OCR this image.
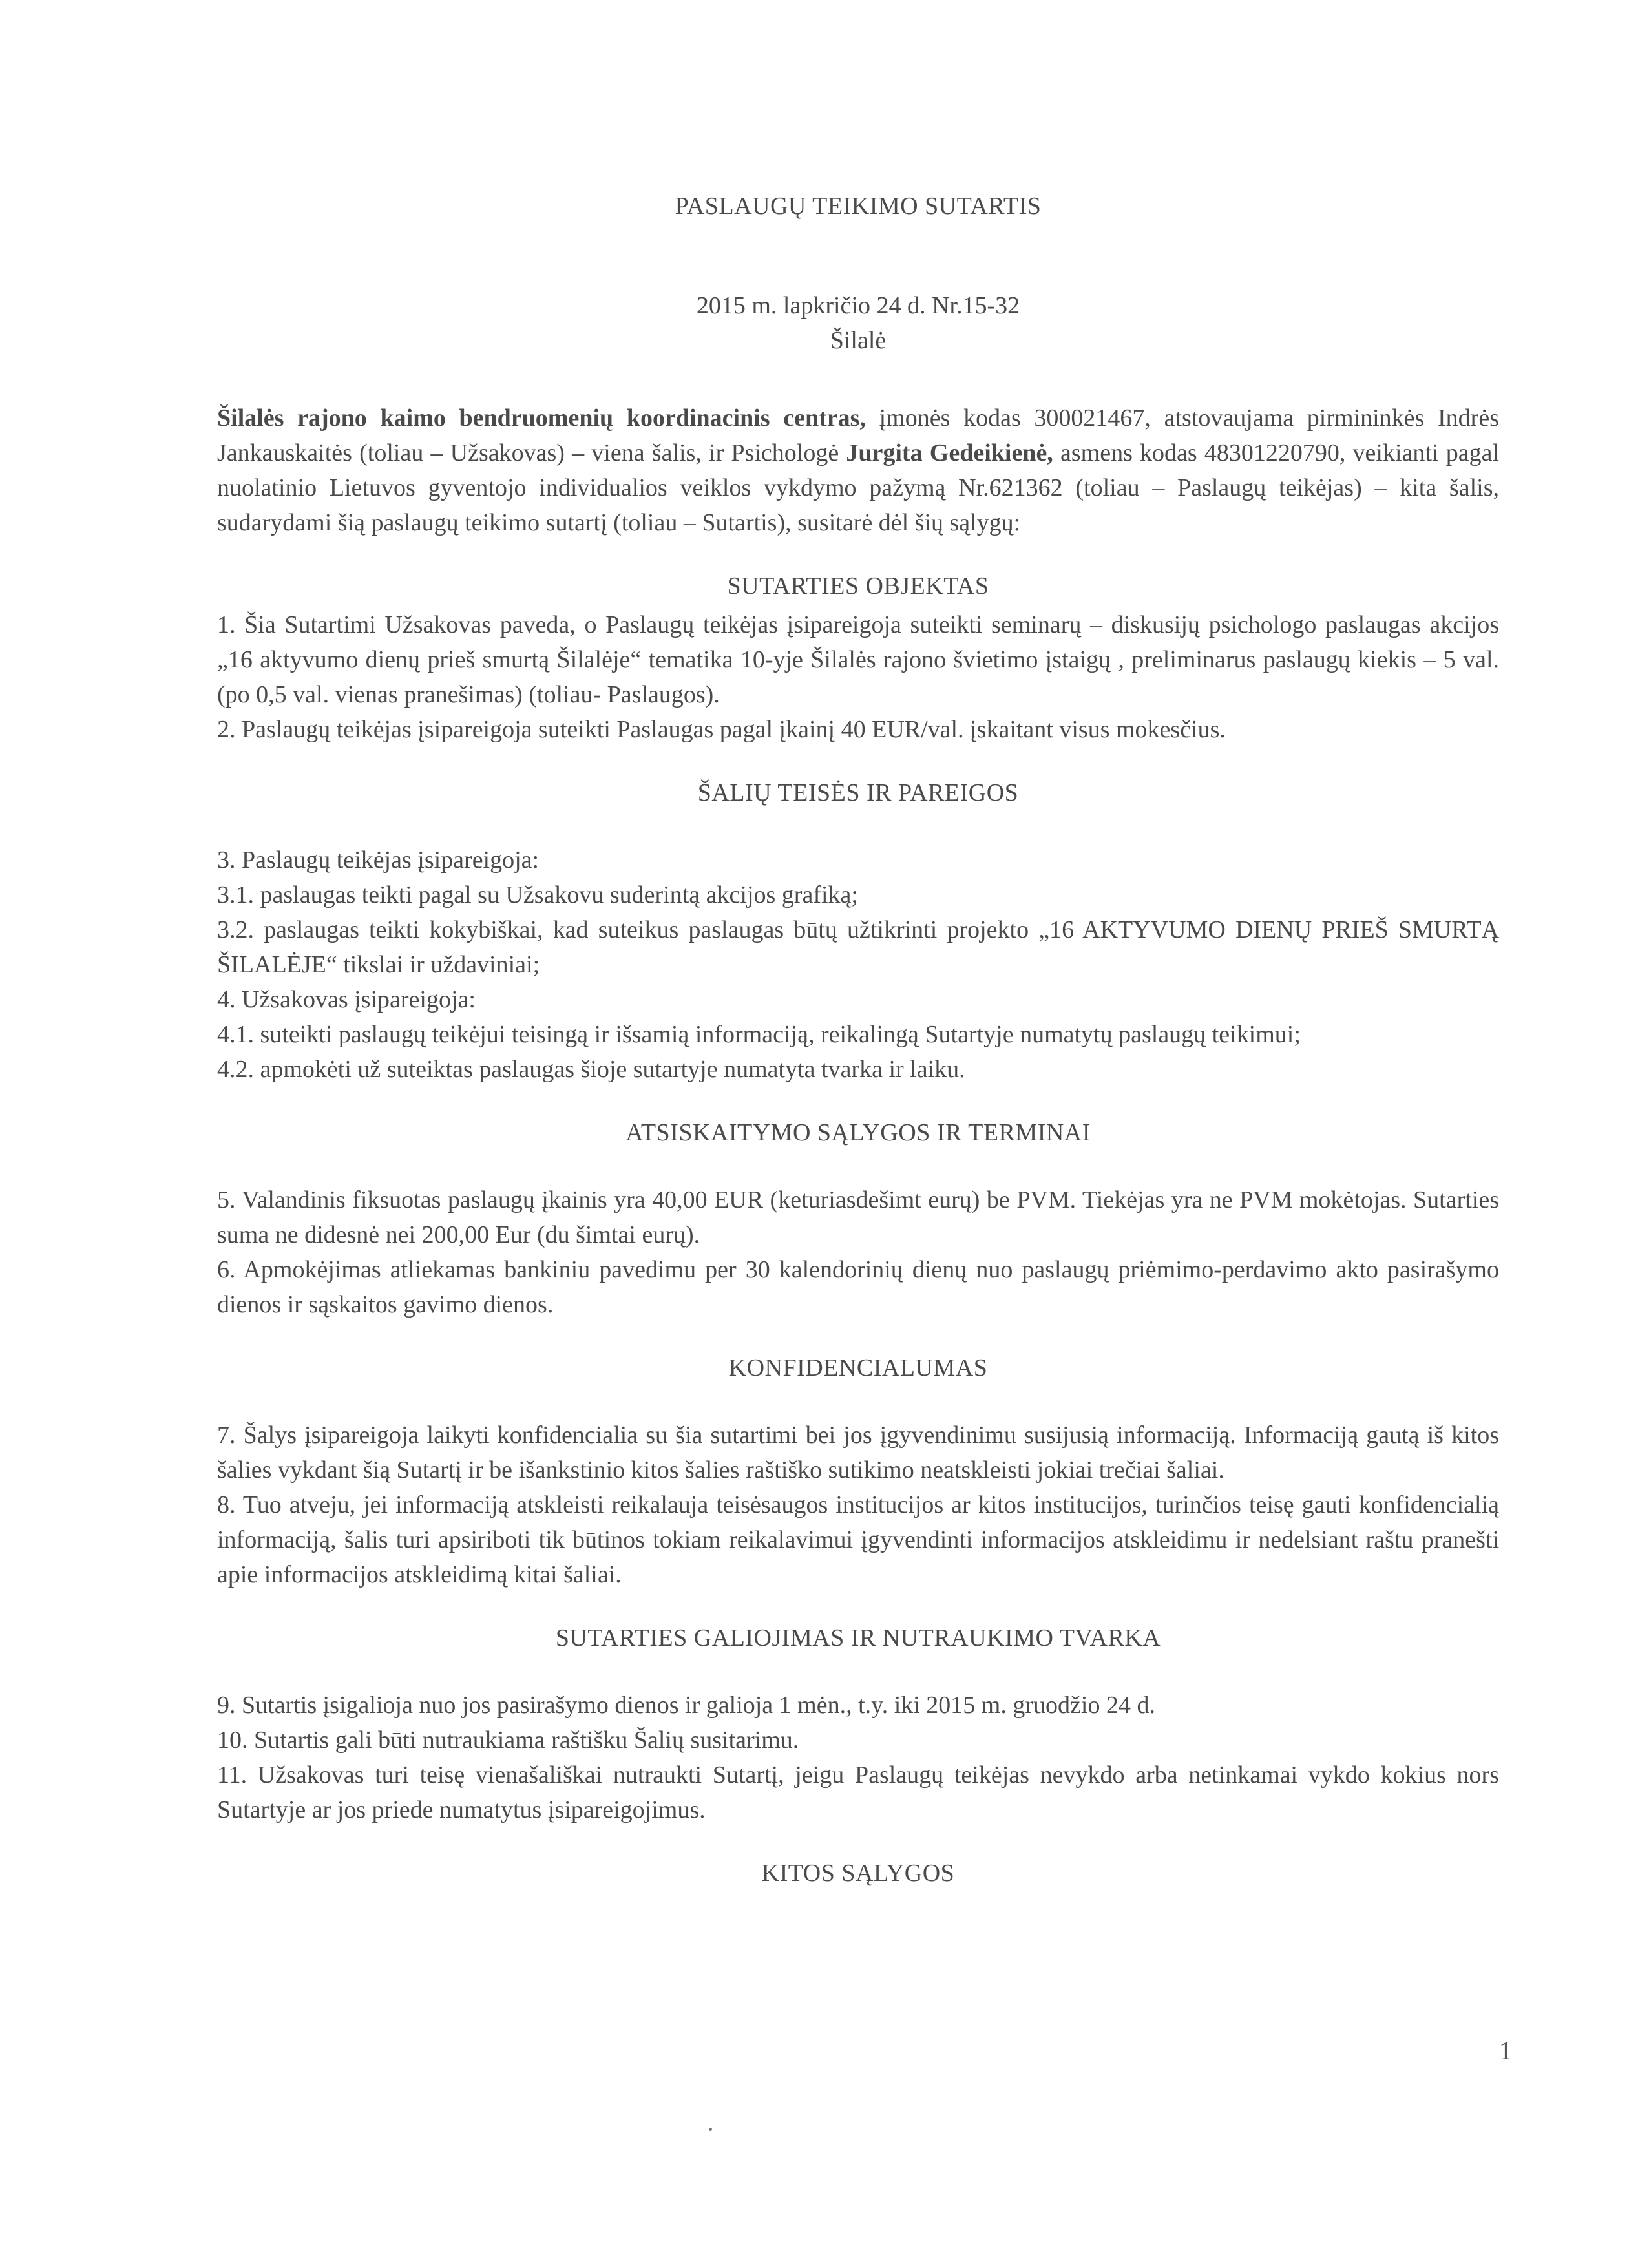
PASLAUGŲ TEIKIMO SUTARTIS
2015 m. lapkričio 24 d. Nr.15-32
Šilalė

Šilalės rajono kaimo bendruomenių koordinacinis centras, įmonės kodas 300021467, atstovaujama pirmininkės Indrės Jankauskaitės (toliau – Užsakovas) – viena šalis, ir Psichologė Jurgita Gedeikienė, asmens kodas 48301220790, veikianti pagal nuolatinio Lietuvos gyventojo individualios veiklos vykdymo pažymą Nr.621362 (toliau – Paslaugų teikėjas) – kita šalis, sudarydami šią paslaugų teikimo sutartį (toliau – Sutartis), susitarė dėl šių sąlygų:

SUTARTIES OBJEKTAS

1. Šia Sutartimi Užsakovas paveda, o Paslaugų teikėjas įsipareigoja suteikti seminarų – diskusijų psichologo paslaugas akcijos „16 aktyvumo dienų prieš smurtą Šilalėje“ tematika 10-yje Šilalės rajono švietimo įstaigų , preliminarus paslaugų kiekis – 5 val. (po 0,5 val. vienas pranešimas) (toliau- Paslaugos).

2. Paslaugų teikėjas įsipareigoja suteikti Paslaugas pagal įkainį 40 EUR/val. įskaitant visus mokesčius.

ŠALIŲ TEISĖS IR PAREIGOS

3. Paslaugų teikėjas įsipareigoja:

3.1. paslaugas teikti pagal su Užsakovu suderintą akcijos grafiką;

3.2. paslaugas teikti kokybiškai, kad suteikus paslaugas būtų užtikrinti projekto „16 AKTYVUMO DIENŲ PRIEŠ SMURTĄ ŠILALĖJE“ tikslai ir uždaviniai;

4. Užsakovas įsipareigoja:

4.1. suteikti paslaugų teikėjui teisingą ir išsamią informaciją, reikalingą Sutartyje numatytų paslaugų teikimui;

4.2. apmokėti už suteiktas paslaugas šioje sutartyje numatyta tvarka ir laiku.

ATSISKAITYMO SĄLYGOS IR TERMINAI

5. Valandinis fiksuotas paslaugų įkainis yra 40,00 EUR (keturiasdešimt eurų) be PVM. Tiekėjas yra ne PVM mokėtojas. Sutarties suma ne didesnė nei 200,00 Eur (du šimtai eurų).

6. Apmokėjimas atliekamas bankiniu pavedimu per 30 kalendorinių dienų nuo paslaugų priėmimo-perdavimo akto pasirašymo dienos ir sąskaitos gavimo dienos.

KONFIDENCIALUMAS

7. Šalys įsipareigoja laikyti konfidencialia su šia sutartimi bei jos įgyvendinimu susijusią informaciją. Informaciją gautą iš kitos šalies vykdant šią Sutartį ir be išankstinio kitos šalies raštiško sutikimo neatskleisti jokiai trečiai šaliai.

8. Tuo atveju, jei informaciją atskleisti reikalauja teisėsaugos institucijos ar kitos institucijos, turinčios teisę gauti konfidencialią informaciją, šalis turi apsiriboti tik būtinos tokiam reikalavimui įgyvendinti informacijos atskleidimu ir nedelsiant raštu pranešti apie informacijos atskleidimą kitai šaliai.

SUTARTIES GALIOJIMAS IR NUTRAUKIMO TVARKA

9. Sutartis įsigalioja nuo jos pasirašymo dienos ir galioja 1 mėn., t.y. iki 2015 m. gruodžio 24 d.

10. Sutartis gali būti nutraukiama raštišku Šalių susitarimu.

11. Užsakovas turi teisę vienašališkai nutraukti Sutartį, jeigu Paslaugų teikėjas nevykdo arba netinkamai vykdo kokius nors Sutartyje ar jos priede numatytus įsipareigojimus.

KITOS SĄLYGOS
1
